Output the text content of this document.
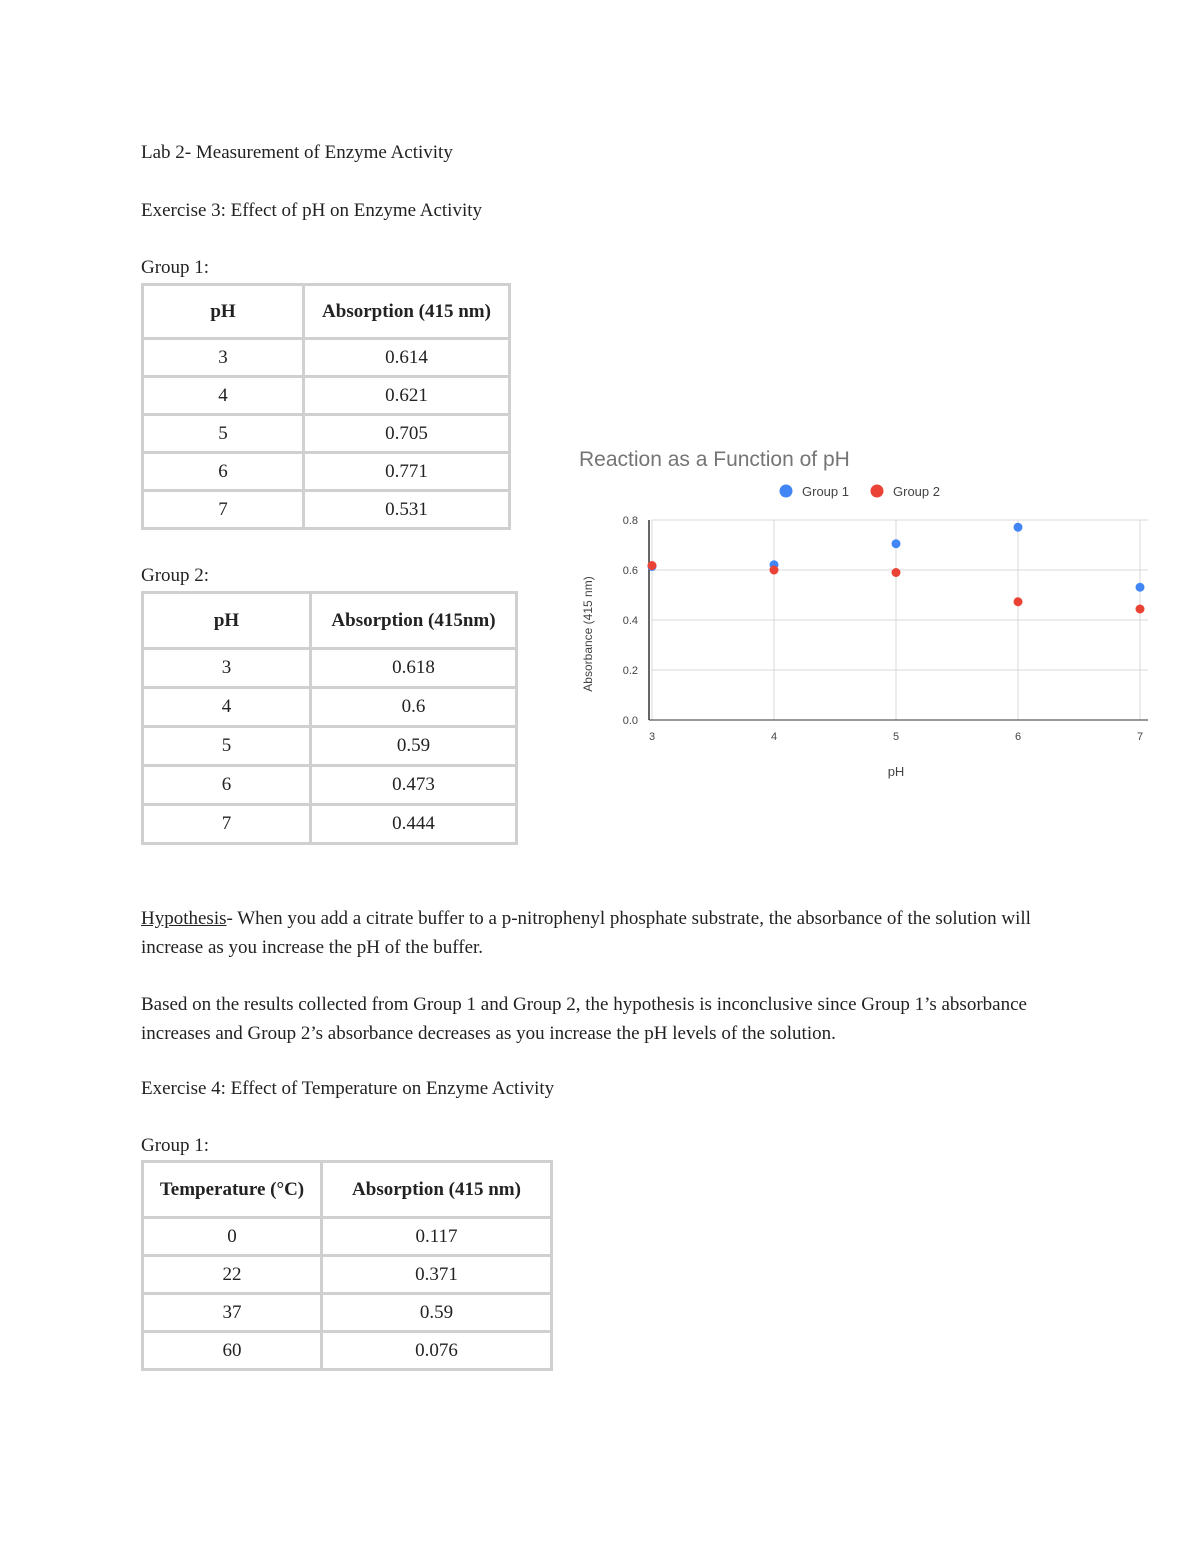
Lab 2- Measurement of Enzyme Activity
Exercise 3: Effect of pH on Enzyme Activity
Group 1:
pH	Absorption (415 nm)
3	0.614
4	0.621
5	0.705
6	0.771
7	0.531
Group 2:
pH	Absorption (415nm)
3	0.618
4	0.6
5	0.59
6	0.473
7	0.444
Reaction as a Function of pH
Group 1	Group 2
0.0
0.2
0.4
0.6
0.8
3	4	5	6	7
pH
Absorbance (415 nm)
Hypothesis- When you add a citrate buffer to a p-nitrophenyl phosphate substrate, the absorbance of the solution will increase as you increase the pH of the buffer.
Based on the results collected from Group 1 and Group 2, the hypothesis is inconclusive since Group 1’s absorbance increases and Group 2’s absorbance decreases as you increase the pH levels of the solution.
Exercise 4: Effect of Temperature on Enzyme Activity
Group 1:
Temperature (°C)	Absorption (415 nm)
0	0.117
22	0.371
37	0.59
60	0.076
